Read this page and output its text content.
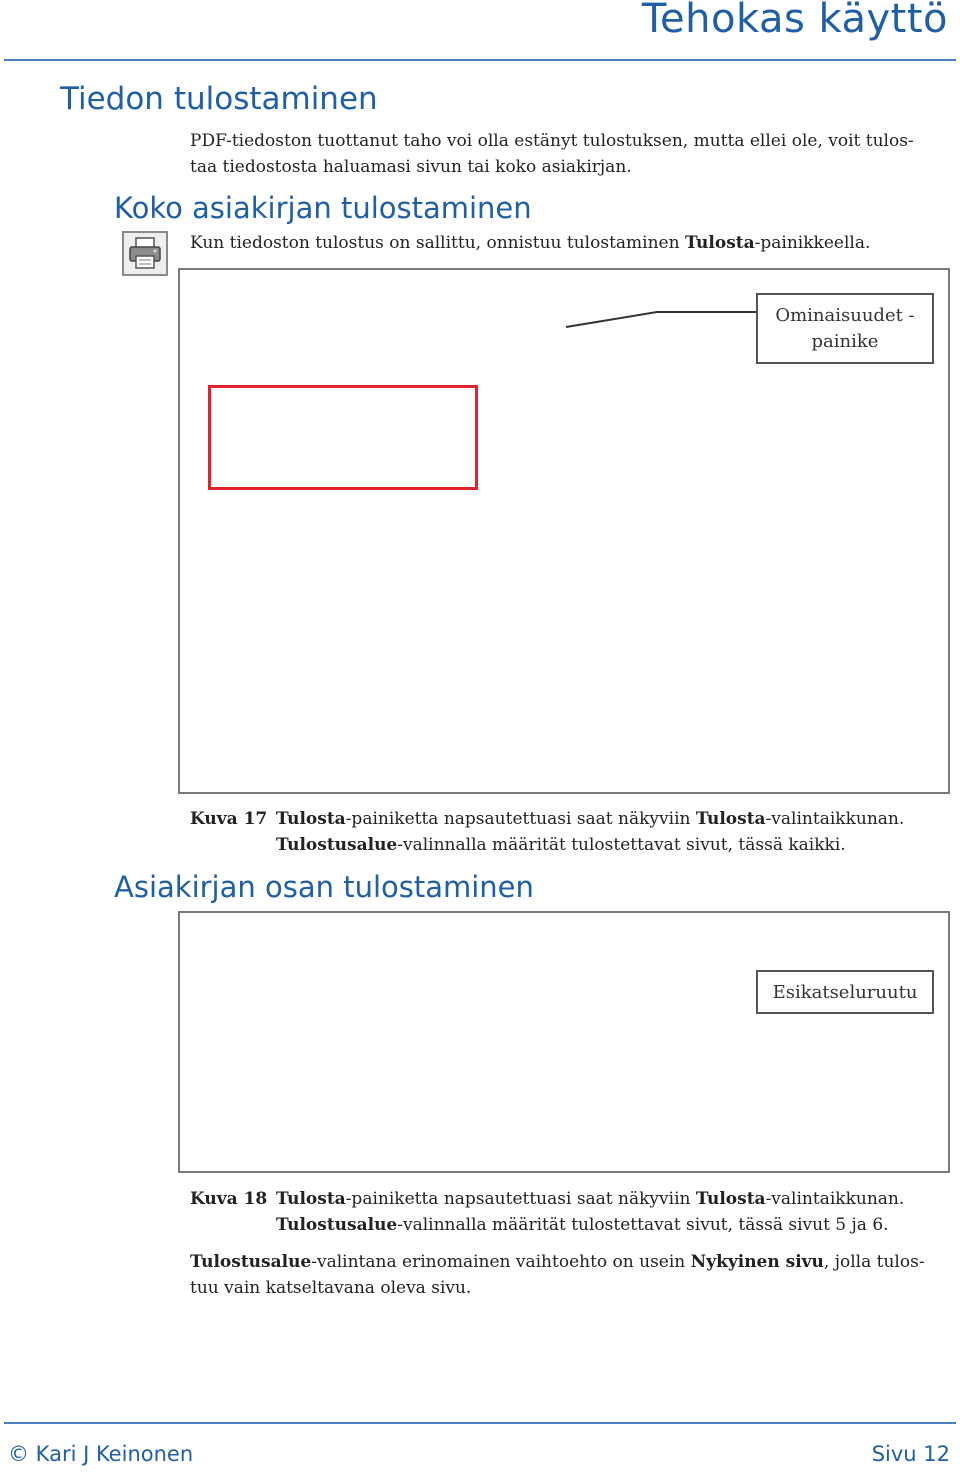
Tehokas käyttö
Tiedon tulostaminen
PDF-tiedoston tuottanut taho voi olla estänyt tulostuksen, mutta ellei ole, voit tulos-taa tiedostosta haluamasi sivun tai koko asiakirjan.
Koko asiakirjan tulostaminen
Kun tiedoston tulostus on sallittu, onnistuu tulostaminen Tulosta-painikkeella.
Ominaisuudet -painike
Kuva 17 Tulosta-painiketta napsautettuasi saat näkyviin Tulosta-valintaikkunan.
Tulostusalue-valinnalla määrität tulostettavat sivut, tässä kaikki.
Asiakirjan osan tulostaminen
Esikatseluruutu
Kuva 18 Tulosta-painiketta napsautettuasi saat näkyviin Tulosta-valintaikkunan.
Tulostusalue-valinnalla määrität tulostettavat sivut, tässä sivut 5 ja 6.
Tulostusalue-valintana erinomainen vaihtoehto on usein Nykyinen sivu, jolla tulos-tuu vain katseltavana oleva sivu.
© Kari J Keinonen	Sivu 12
